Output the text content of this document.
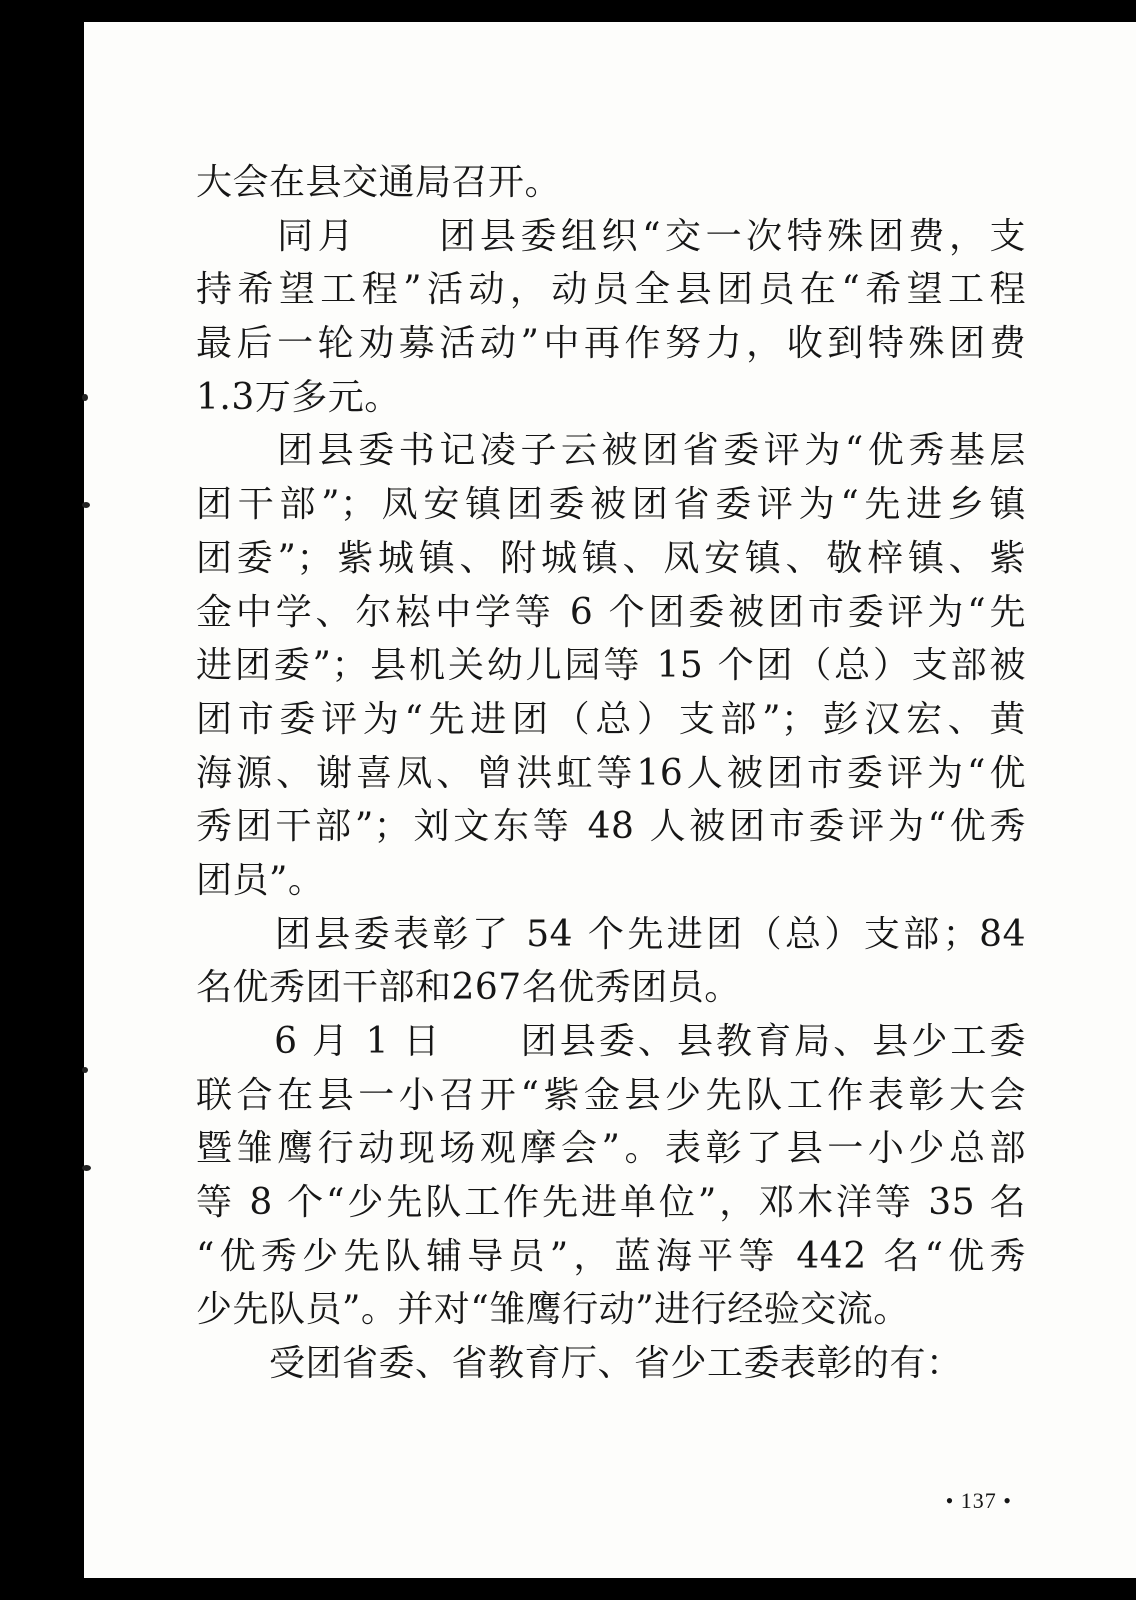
大会在县交通局召开。
　　同月　　团县委组织“交一次特殊团费，支
持希望工程”活动，动员全县团员在“希望工程
最后一轮劝募活动”中再作努力，收到特殊团费
1.3万多元。
　　团县委书记凌子云被团省委评为“优秀基层
团干部”；凤安镇团委被团省委评为“先进乡镇
团委”；紫城镇、附城镇、凤安镇、敬梓镇、紫
金中学、尔崧中学等 6 个团委被团市委评为“先
进团委”；县机关幼儿园等 15 个团（总）支部被
团市委评为“先进团（总）支部”；彭汉宏、黄
海源、谢喜凤、曾洪虹等16人被团市委评为“优
秀团干部”；刘文东等 48 人被团市委评为“优秀
团员”。
　　团县委表彰了 54 个先进团（总）支部；84
名优秀团干部和267名优秀团员。
　　6 月 1 日　　团县委、县教育局、县少工委
联合在县一小召开“紫金县少先队工作表彰大会
暨雏鹰行动现场观摩会”。表彰了县一小少总部
等 8 个“少先队工作先进单位”，邓木洋等 35 名
“优秀少先队辅导员”，蓝海平等 442 名“优秀
少先队员”。并对“雏鹰行动”进行经验交流。
　　受团省委、省教育厅、省少工委表彰的有：
• 137 •
